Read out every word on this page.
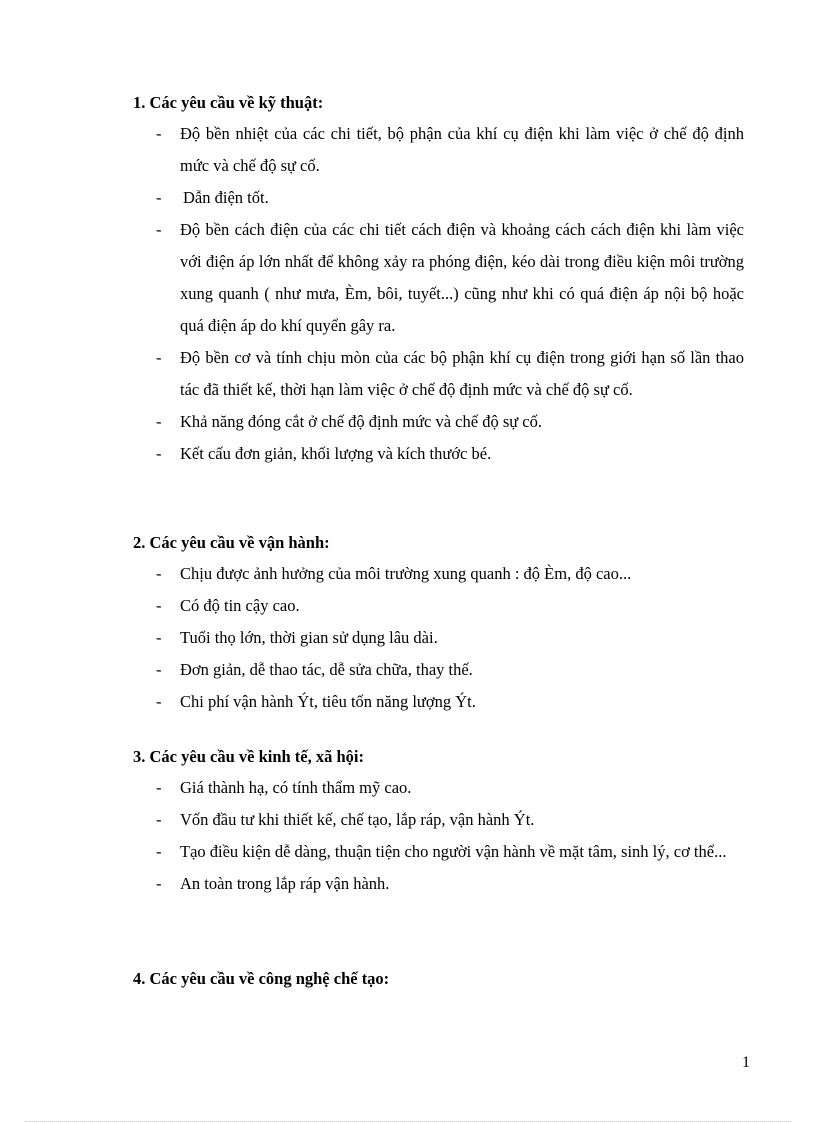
1. Các yêu cầu về kỹ thuật:
- Độ bền nhiệt của các chi tiết, bộ phận của khí cụ điện khi làm việc ở chế độ định mức và chế độ sự cố.
- Dẫn điện tốt.
- Độ bền cách điện của các chi tiết cách điện và khoảng cách cách điện khi làm việc với điện áp lớn nhất để không xảy ra phóng điện, kéo dài trong điều kiện môi trường xung quanh ( như mưa, Èm, bôi, tuyết...) cũng như khi có quá điện áp nội bộ hoặc quá điện áp do khí quyển gây ra.
- Độ bền cơ và tính chịu mòn của các bộ phận khí cụ điện trong giới hạn số lần thao tác đã thiết kế, thời hạn làm việc ở chế độ định mức và chế độ sự cố.
- Khả năng đóng cắt ở chế độ định mức và chế độ sự cố.
- Kết cấu đơn giản, khối lượng và kích thước bé.
2. Các yêu cầu về vận hành:
- Chịu được ảnh hưởng của môi trường xung quanh : độ Èm, độ cao...
- Có độ tin cậy cao.
- Tuổi thọ lớn, thời gian sử dụng lâu dài.
- Đơn giản, dễ thao tác, dễ sửa chữa, thay thế.
- Chi phí vận hành Ýt, tiêu tốn năng lượng Ýt.
3. Các yêu cầu về kinh tế, xã hội:
- Giá thành hạ, có tính thẩm mỹ cao.
- Vốn đầu tư khi thiết kế, chế tạo, lắp ráp, vận hành Ýt.
- Tạo điều kiện dễ dàng, thuận tiện cho người vận hành về mặt tâm, sinh lý, cơ thể...
- An toàn trong lắp ráp vận hành.
4. Các yêu cầu về công nghệ chế tạo:
1
